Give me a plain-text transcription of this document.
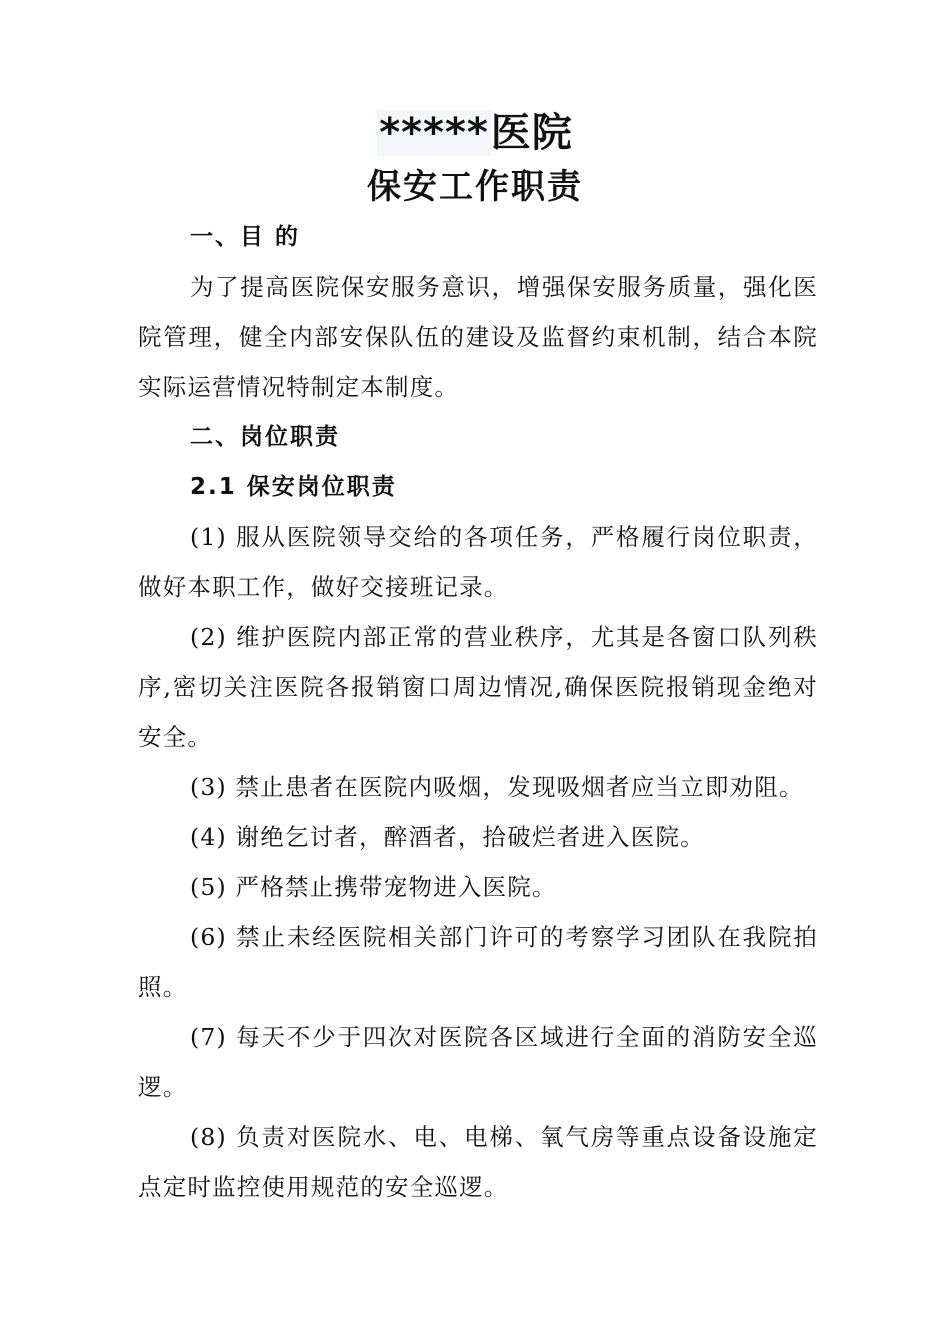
*****医院
保安工作职责

一、目 的

为了提高医院保安服务意识，增强保安服务质量，强化医院管理，健全内部安保队伍的建设及监督约束机制，结合本院实际运营情况特制定本制度。

二、岗位职责

2.1 保安岗位职责

(1) 服从医院领导交给的各项任务，严格履行岗位职责，做好本职工作，做好交接班记录。

(2) 维护医院内部正常的营业秩序，尤其是各窗口队列秩序,密切关注医院各报销窗口周边情况,确保医院报销现金绝对安全。

(3) 禁止患者在医院内吸烟，发现吸烟者应当立即劝阻。

(4) 谢绝乞讨者，醉酒者，拾破烂者进入医院。

(5) 严格禁止携带宠物进入医院。

(6) 禁止未经医院相关部门许可的考察学习团队在我院拍照。

(7) 每天不少于四次对医院各区域进行全面的消防安全巡逻。

(8) 负责对医院水、电、电梯、氧气房等重点设备设施定点定时监控使用规范的安全巡逻。
